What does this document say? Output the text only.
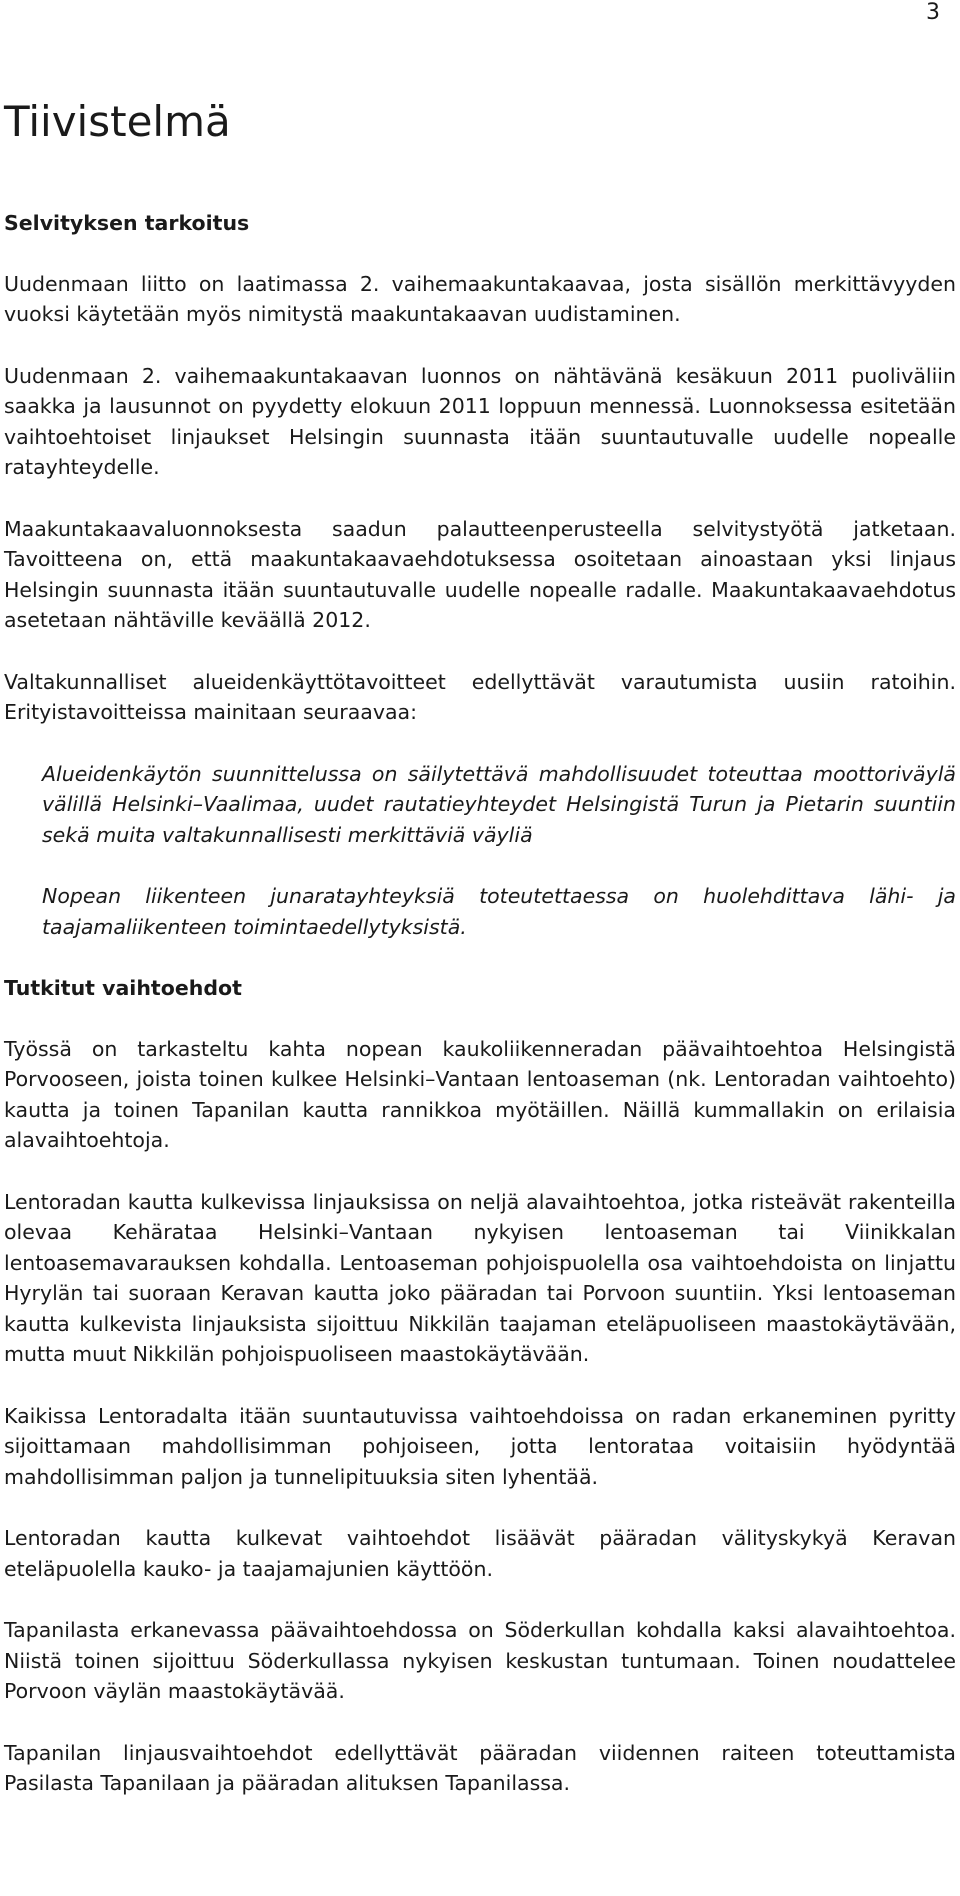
3
Tiivistelmä
Selvityksen tarkoitus

Uudenmaan liitto on laatimassa 2. vaihemaakuntakaavaa, josta sisällön merkittävyyden vuoksi käytetään myös nimitystä maakuntakaavan uudistaminen.

Uudenmaan 2. vaihemaakuntakaavan luonnos on nähtävänä kesäkuun 2011 puoliväliin saakka ja lausunnot on pyydetty elokuun 2011 loppuun mennessä. Luonnoksessa esitetään vaihtoehtoiset linjaukset Helsingin suunnasta itään suuntautuvalle uudelle nopealle ratayhteydelle.

Maakuntakaavaluonnoksesta saadun palautteenperusteella selvitystyötä jatketaan. Tavoitteena on, että maakuntakaavaehdotuksessa osoitetaan ainoastaan yksi linjaus Helsingin suunnasta itään suuntautuvalle uudelle nopealle radalle. Maakuntakaavaehdotus asetetaan nähtäville keväällä 2012.

Valtakunnalliset alueidenkäyttötavoitteet edellyttävät varautumista uusiin ratoihin. Erityistavoitteissa mainitaan seuraavaa:

Alueidenkäytön suunnittelussa on säilytettävä mahdollisuudet toteuttaa moottoriväylä välillä Helsinki–Vaalimaa, uudet rautatieyhteydet Helsingistä Turun ja Pietarin suuntiin sekä muita valtakunnallisesti merkittäviä väyliä

Nopean liikenteen junaratayhteyksiä toteutettaessa on huolehdittava lähi- ja taajamaliikenteen toimintaedellytyksistä.

Tutkitut vaihtoehdot

Työssä on tarkasteltu kahta nopean kaukoliikenneradan päävaihtoehtoa Helsingistä Porvooseen, joista toinen kulkee Helsinki–Vantaan lentoaseman (nk. Lentoradan vaihtoehto) kautta ja toinen Tapanilan kautta rannikkoa myötäillen. Näillä kummallakin on erilaisia alavaihtoehtoja.

Lentoradan kautta kulkevissa linjauksissa on neljä alavaihtoehtoa, jotka risteävät rakenteilla olevaa Kehärataa Helsinki–Vantaan nykyisen lentoaseman tai Viinikkalan lentoasemavarauksen kohdalla. Lentoaseman pohjoispuolella osa vaihtoehdoista on linjattu Hyrylän tai suoraan Keravan kautta joko pääradan tai Porvoon suuntiin. Yksi lentoaseman kautta kulkevista linjauksista sijoittuu Nikkilän taajaman eteläpuoliseen maastokäytävään, mutta muut Nikkilän pohjoispuoliseen maastokäytävään.

Kaikissa Lentoradalta itään suuntautuvissa vaihtoehdoissa on radan erkaneminen pyritty sijoittamaan mahdollisimman pohjoiseen, jotta lentorataa voitaisiin hyödyntää mahdollisimman paljon ja tunnelipituuksia siten lyhentää.

Lentoradan kautta kulkevat vaihtoehdot lisäävät pääradan välityskykyä Keravan eteläpuolella kauko- ja taajamajunien käyttöön.

Tapanilasta erkanevassa päävaihtoehdossa on Söderkullan kohdalla kaksi alavaihtoehtoa. Niistä toinen sijoittuu Söderkullassa nykyisen keskustan tuntumaan. Toinen noudattelee Porvoon väylän maastokäytävää.

Tapanilan linjausvaihtoehdot edellyttävät pääradan viidennen raiteen toteuttamista Pasilasta Tapanilaan ja pääradan alituksen Tapanilassa.
